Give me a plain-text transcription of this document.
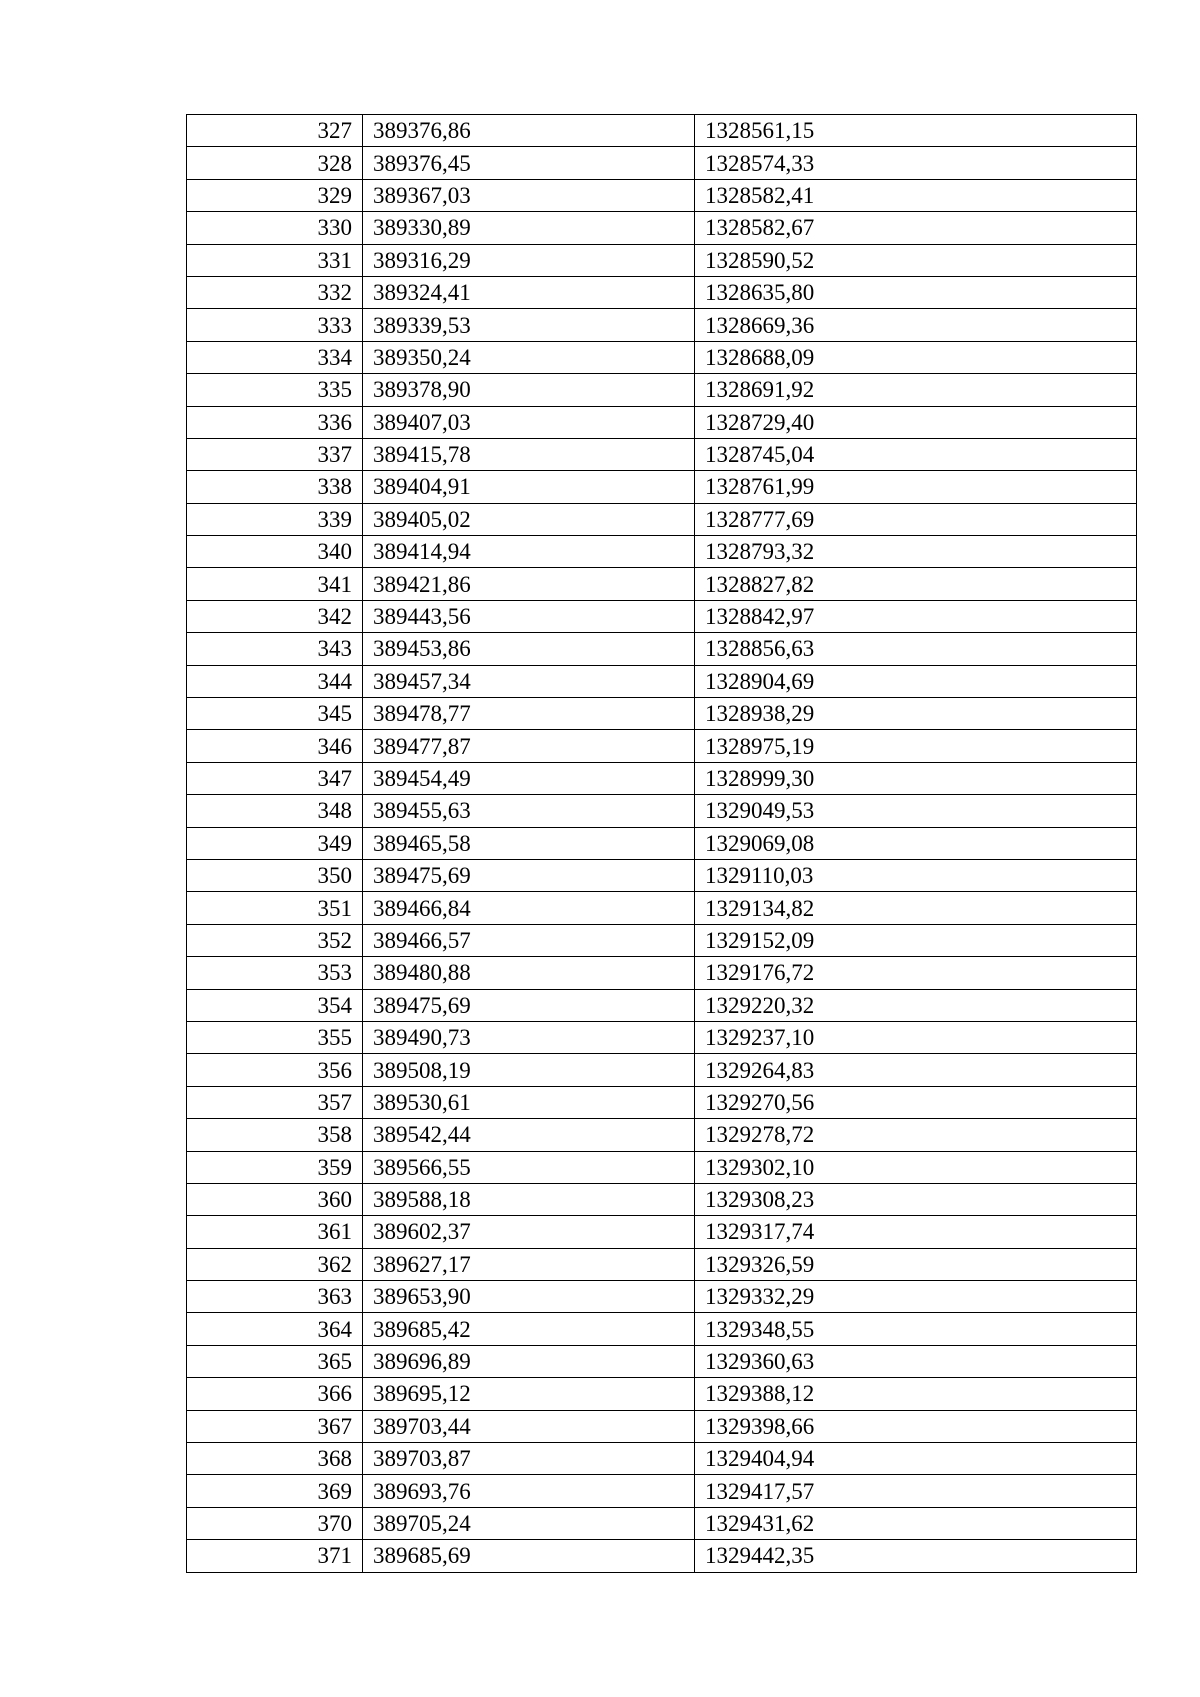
327	389376,86	1328561,15
328	389376,45	1328574,33
329	389367,03	1328582,41
330	389330,89	1328582,67
331	389316,29	1328590,52
332	389324,41	1328635,80
333	389339,53	1328669,36
334	389350,24	1328688,09
335	389378,90	1328691,92
336	389407,03	1328729,40
337	389415,78	1328745,04
338	389404,91	1328761,99
339	389405,02	1328777,69
340	389414,94	1328793,32
341	389421,86	1328827,82
342	389443,56	1328842,97
343	389453,86	1328856,63
344	389457,34	1328904,69
345	389478,77	1328938,29
346	389477,87	1328975,19
347	389454,49	1328999,30
348	389455,63	1329049,53
349	389465,58	1329069,08
350	389475,69	1329110,03
351	389466,84	1329134,82
352	389466,57	1329152,09
353	389480,88	1329176,72
354	389475,69	1329220,32
355	389490,73	1329237,10
356	389508,19	1329264,83
357	389530,61	1329270,56
358	389542,44	1329278,72
359	389566,55	1329302,10
360	389588,18	1329308,23
361	389602,37	1329317,74
362	389627,17	1329326,59
363	389653,90	1329332,29
364	389685,42	1329348,55
365	389696,89	1329360,63
366	389695,12	1329388,12
367	389703,44	1329398,66
368	389703,87	1329404,94
369	389693,76	1329417,57
370	389705,24	1329431,62
371	389685,69	1329442,35
